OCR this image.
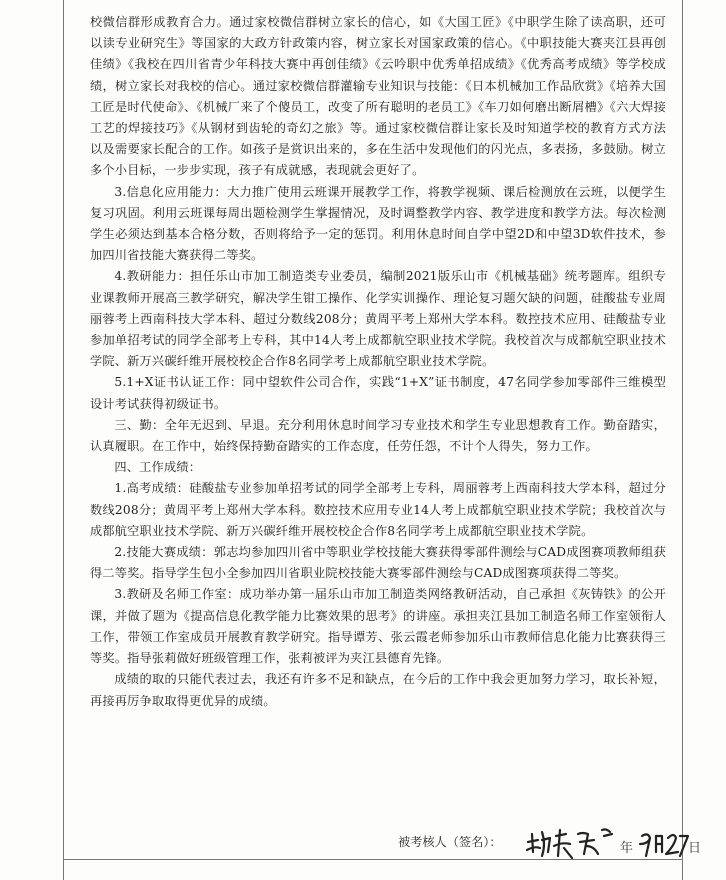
校微信群形成教育合力。通过家校微信群树立家长的信心，如《大国工匠》《中职学生除了读高职，还可以读专业研究生》等国家的大政方针政策内容，树立家长对国家政策的信心。《中职技能大赛夹江县再创佳绩》《我校在四川省青少年科技大赛中再创佳绩》《云吟职中优秀单招成绩》《优秀高考成绩》等学校成绩，树立家长对我校的信心。通过家校微信群灌输专业知识与技能：《日本机械加工作品欣赏》《培养大国工匠是时代使命》、《机械厂来了个傻员工，改变了所有聪明的老员工》《车刀如何磨出断屑槽》《六大焊接工艺的焊接技巧》《从钢材到齿轮的奇幻之旅》等。通过家校微信群让家长及时知道学校的教育方式方法以及需要家长配合的工作。如孩子是赏识出来的，多在生活中发现他们的闪光点，多表扬，多鼓励。树立多个小目标，一步步实现，孩子有成就感，表现就会更好了。

3.信息化应用能力：大力推广使用云班课开展教学工作，将教学视频、课后检测放在云班，以便学生复习巩固。利用云班课每周出题检测学生掌握情况，及时调整教学内容、教学进度和教学方法。每次检测学生必须达到基本合格分数，否则将给予一定的惩罚。利用休息时间自学中望2D和中望3D软件技术，参加四川省技能大赛获得二等奖。

4.教研能力：担任乐山市加工制造类专业委员，编制2021版乐山市《机械基础》统考题库。组织专业课教师开展高三教学研究，解决学生钳工操作、化学实训操作、理论复习题欠缺的问题，硅酸盐专业周丽蓉考上西南科技大学本科、超过分数线208分；黄周平考上郑州大学本科。数控技术应用、硅酸盐专业参加单招考试的同学全部考上专科，其中14人考上成都航空职业技术学院。我校首次与成都航空职业技术学院、新万兴碳纤维开展校校企合作8名同学考上成都航空职业技术学院。

5.1+X证书认证工作：同中望软件公司合作，实践“1+X”证书制度，47名同学参加零部件三维模型设计考试获得初级证书。

三、勤：全年无迟到、早退。充分利用休息时间学习专业技术和学生专业思想教育工作。勤奋踏实，认真履职。在工作中，始终保持勤奋踏实的工作态度，任劳任怨，不计个人得失，努力工作。

四、工作成绩：

1.高考成绩：硅酸盐专业参加单招考试的同学全部考上专科，周丽蓉考上西南科技大学本科，超过分数线208分；黄周平考上郑州大学本科。数控技术应用专业14人考上成都航空职业技术学院；我校首次与成都航空职业技术学院、新万兴碳纤维开展校校企合作8名同学考上成都航空职业技术学院。

2.技能大赛成绩：郭志均参加四川省中等职业学校技能大赛获得零部件测绘与CAD成图赛项教师组获得二等奖。指导学生包小全参加四川省职业院校技能大赛零部件测绘与CAD成图赛项获得二等奖。

3.教研及名师工作室：成功举办第一届乐山市加工制造类网络教研活动，自己承担《灰铸铁》的公开课，并做了题为《提高信息化教学能力比赛效果的思考》的讲座。承担夹江县加工制造名师工作室领衔人工作，带领工作室成员开展教育教学研究。指导谭芳、张云霞老师参加乐山市教师信息化能力比赛获得三等奖。指导张莉做好班级管理工作，张莉被评为夹江县德育先锋。

成绩的取的只能代表过去，我还有许多不足和缺点，在今后的工作中我会更加努力学习，取长补短，再接再厉争取取得更优异的成绩。

被考核人（签名）：	年	日
